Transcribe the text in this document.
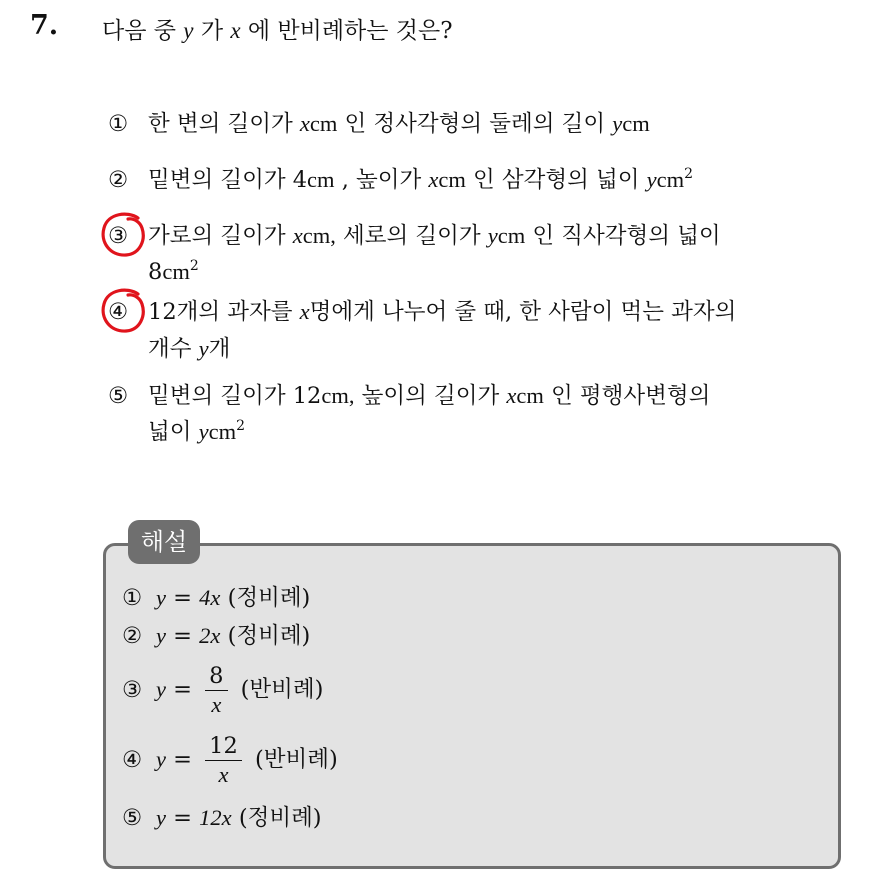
7. 다음 중 y 가 x 에 반비례하는 것은?
① 한 변의 길이가 xcm 인 정사각형의 둘레의 길이 ycm
② 밑변의 길이가 4cm , 높이가 xcm 인 삼각형의 넓이 ycm$^2$
③ 가로의 길이가 xcm, 세로의 길이가 ycm 인 직사각형의 넓이
$8cm^2$
④ 12개의 과자를 x명에게 나누어 줄 때, 한 사람이 먹는 과자의
개수 y개
⑤ 밑변의 길이가 12cm, 높이의 길이가 xcm 인 평행사변형의
넓이 ycm$^2$
해설
① y = 4x (정비례)
② y = 2x (정비례)
③ $y = \frac{8}{x}$ (반비례)
④ $y = \frac{12}{x}$ (반비례)
⑤ y = 12x (정비례)
